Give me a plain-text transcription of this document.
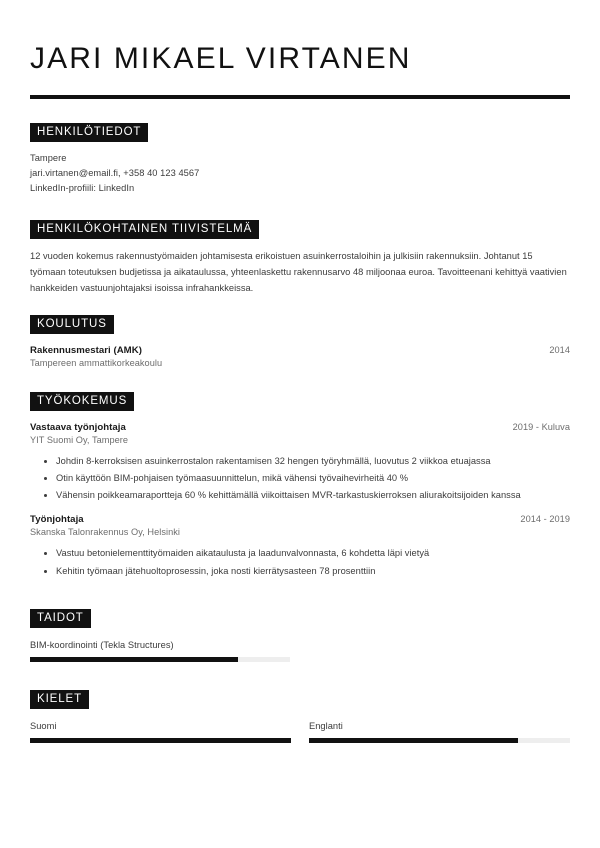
JARI MIKAEL VIRTANEN
HENKILÖTIEDOT
Tampere
jari.virtanen@email.fi, +358 40 123 4567
LinkedIn-profiili: LinkedIn
HENKILÖKOHTAINEN TIIVISTELMÄ

12 vuoden kokemus rakennustyömaiden johtamisesta erikoistuen asuinkerrostaloihin ja julkisiin rakennuksiin. Johtanut 15 työmaan toteutuksen budjetissa ja aikataulussa, yhteenlaskettu rakennusarvo 48 miljoonaa euroa. Tavoitteenani kehittyä vaativien hankkeiden vastuunjohtajaksi isoissa infrahankkeissa.

KOULUTUS
Rakennusmestari (AMK)	2014
Tampereen ammattikorkeakoulu
TYÖKOKEMUS
Vastaava työnjohtaja	2019 - Kuluva
YIT Suomi Oy, Tampere
Johdin 8-kerroksisen asuinkerrostalon rakentamisen 32 hengen työryhmällä, luovutus 2 viikkoa etuajassa
Otin käyttöön BIM-pohjaisen työmaasuunnittelun, mikä vähensi työvaihevirheitä 40 %
Vähensin poikkeamaraportteja 60 % kehittämällä viikoittaisen MVR-tarkastuskierroksen aliurakoitsijoiden kanssa
Työnjohtaja	2014 - 2019
Skanska Talonrakennus Oy, Helsinki
Vastuu betonielementtityömaiden aikataulusta ja laadunvalvonnasta, 6 kohdetta läpi vietyä
Kehitin työmaan jätehuoltoprosessin, joka nosti kierrätysasteen 78 prosenttiin
TAIDOT
BIM-koordinointi (Tekla Structures)
KIELET
Suomi	Englanti
